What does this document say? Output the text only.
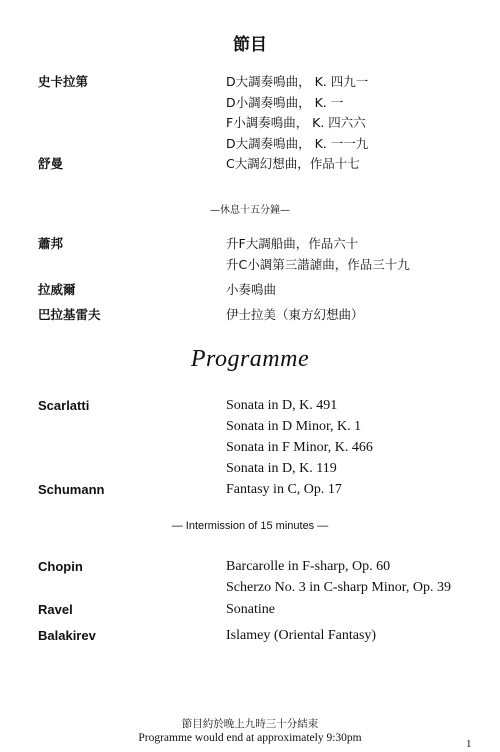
節目
史卡拉第	D大調奏鳴曲， K. 四九一
D小調奏鳴曲， K. 一
F小調奏鳴曲， K. 四六六
D大調奏鳴曲， K. 一一九
舒曼	C大調幻想曲，作品十七
—休息十五分鐘—
蕭邦	升F大調船曲，作品六十
升C小調第三諧謔曲，作品三十九
拉威爾	小奏鳴曲
巴拉基雷夫	伊士拉美（東方幻想曲）
Programme
Scarlatti	Sonata in D, K. 491
Sonata in D Minor, K. 1
Sonata in F Minor, K. 466
Sonata in D, K. 119
Schumann	Fantasy in C, Op. 17
— Intermission of 15 minutes —
Chopin	Barcarolle in F-sharp, Op. 60
Scherzo No. 3 in C-sharp Minor, Op. 39
Ravel	Sonatine
Balakirev	Islamey (Oriental Fantasy)
節目約於晚上九時三十分結束
Programme would end at approximately 9:30pm	1
